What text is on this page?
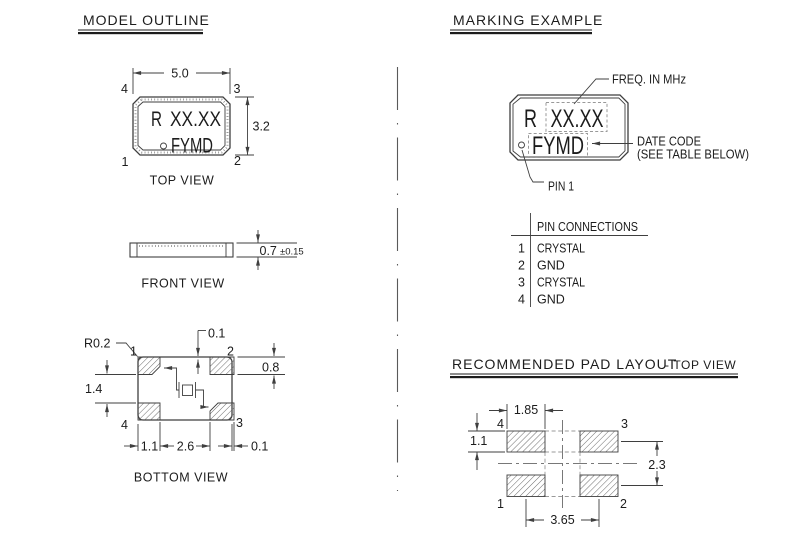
MODEL OUTLINE
R XX.XX
FYMD
5.0
3.2
4	3
1	2
TOP VIEW
0.7 ±0.15
FRONT VIEW
R0.2
1	2
4	3
0.1
0.8
1.4
1.1 2.6	0.1
BOTTOM VIEW
MARKING EXAMPLE
R XX.XX
FYMD
FREQ. IN MHz
DATE CODE
(SEE TABLE BELOW)
PIN 1
PIN CONNECTIONS
1 CRYSTAL
2 GND
3 CRYSTAL
4 GND
RECOMMENDED PAD LAYOUT
- TOP VIEW
4	3
1	2
1.85
1.1
2.3
3.65
